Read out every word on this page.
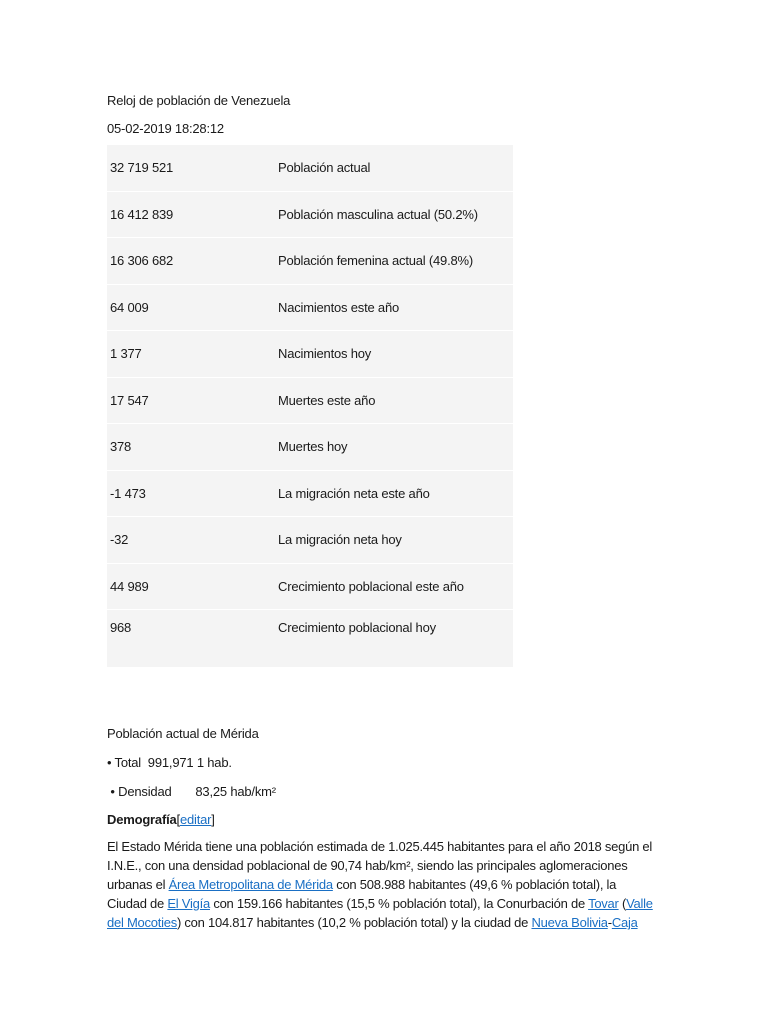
Reloj de población de Venezuela
05-02-2019 18:28:12
32 719 521	Población actual
16 412 839	Población masculina actual (50.2%)
16 306 682	Población femenina actual (49.8%)
64 009	Nacimientos este año
1 377	Nacimientos hoy
17 547	Muertes este año
378	Muertes hoy
-1 473	La migración neta este año
-32	La migración neta hoy
44 989	Crecimiento poblacional este año
968	Crecimiento poblacional hoy
Población actual de Mérida
• Total  991,971 1 hab.
• Densidad       83,25 hab/km²
Demografía[editar]
El Estado Mérida tiene una población estimada de 1.025.445 habitantes para el año 2018 según el I.N.E., con una densidad poblacional de 90,74 hab/km², siendo las principales aglomeraciones urbanas el Área Metropolitana de Mérida con 508.988 habitantes (49,6 % población total), la Ciudad de El Vigía con 159.166 habitantes (15,5 % población total), la Conurbación de Tovar (Valle del Mocoties) con 104.817 habitantes (10,2 % población total) y la ciudad de Nueva Bolivia-Caja
